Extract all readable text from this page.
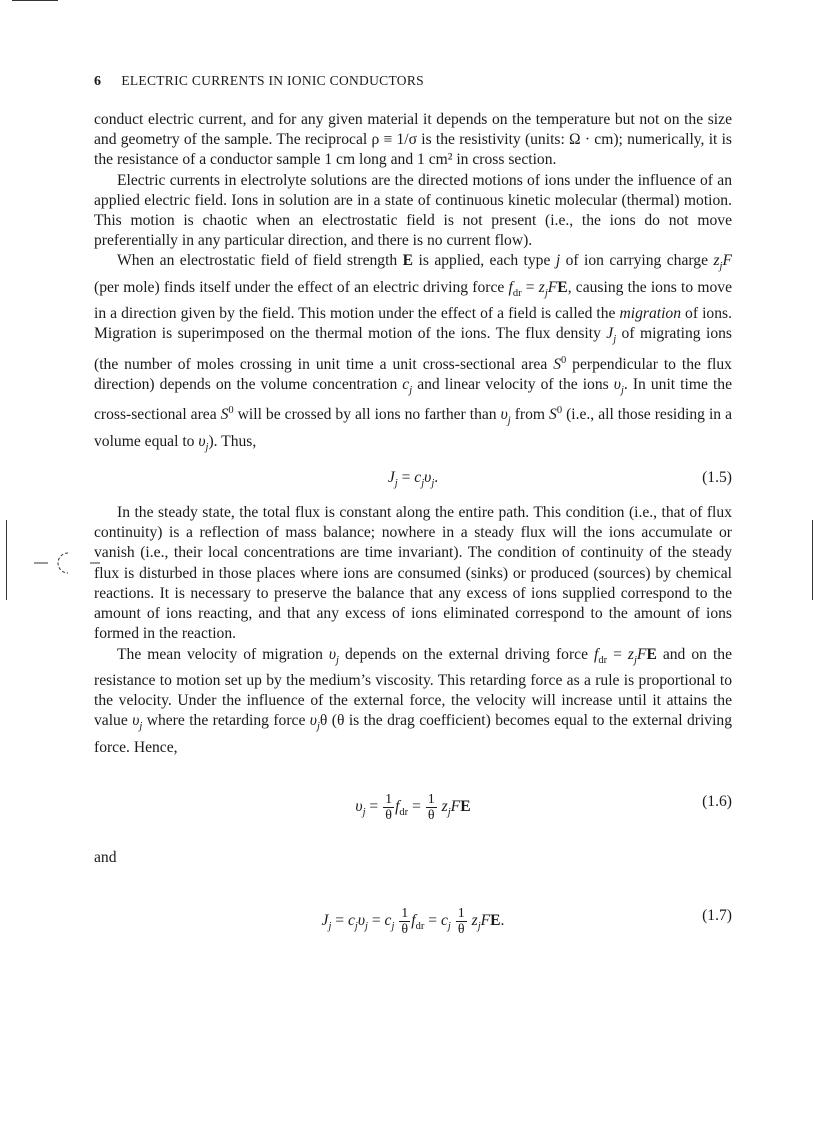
6 ELECTRIC CURRENTS IN IONIC CONDUCTORS

conduct electric current, and for any given material it depends on the temperature but not on the size and geometry of the sample. The reciprocal ρ ≡ 1/σ is the resistivity (units: Ω · cm); numerically, it is the resistance of a conductor sample 1 cm long and 1 cm² in cross section.

Electric currents in electrolyte solutions are the directed motions of ions under the influence of an applied electric field. Ions in solution are in a state of continuous kinetic molecular (thermal) motion. This motion is chaotic when an electrostatic field is not present (i.e., the ions do not move preferentially in any particular direction, and there is no current flow).

When an electrostatic field of field strength E is applied, each type j of ion carrying charge $z_jF$ (per mole) finds itself under the effect of an electric driving force $f_{dr} = z_jFE$, causing the ions to move in a direction given by the field. This motion under the effect of a field is called the migration of ions. Migration is superimposed on the thermal motion of the ions. The flux density $J_j$ of migrating ions (the number of moles crossing in unit time a unit cross-sectional area $S^0$ perpendicular to the flux direction) depends on the volume concentration $c_j$ and linear velocity of the ions $\upsilon_j$. In unit time the cross-sectional area $S^0$ will be crossed by all ions no farther than $\upsilon_j$ from $S^0$ (i.e., all those residing in a volume equal to $\upsilon_j$). Thus,

$J_j = c_j\upsilon_j$.	(1.5)

In the steady state, the total flux is constant along the entire path. This condition (i.e., that of flux continuity) is a reflection of mass balance; nowhere in a steady flux will the ions accumulate or vanish (i.e., their local concentrations are time invariant). The condition of continuity of the steady flux is disturbed in those places where ions are consumed (sinks) or produced (sources) by chemical reactions. It is necessary to preserve the balance that any excess of ions supplied correspond to the amount of ions reacting, and that any excess of ions eliminated correspond to the amount of ions formed in the reaction.

The mean velocity of migration $\upsilon_j$ depends on the external driving force $f_{dr} = z_jFE$ and on the resistance to motion set up by the medium’s viscosity. This retarding force as a rule is proportional to the velocity. Under the influence of the external force, the velocity will increase until it attains the value $\upsilon_j$ where the retarding force $\upsilon_j\theta$ (θ is the drag coefficient) becomes equal to the external driving force. Hence,

$\upsilon_j = \frac{1}{\theta} f_{dr} = \frac{1}{\theta} z_jFE$	(1.6)
and
$J_j = c_j\upsilon_j = c_j \frac{1}{\theta} f_{dr} = c_j \frac{1}{\theta} z_jFE$.	(1.7)
